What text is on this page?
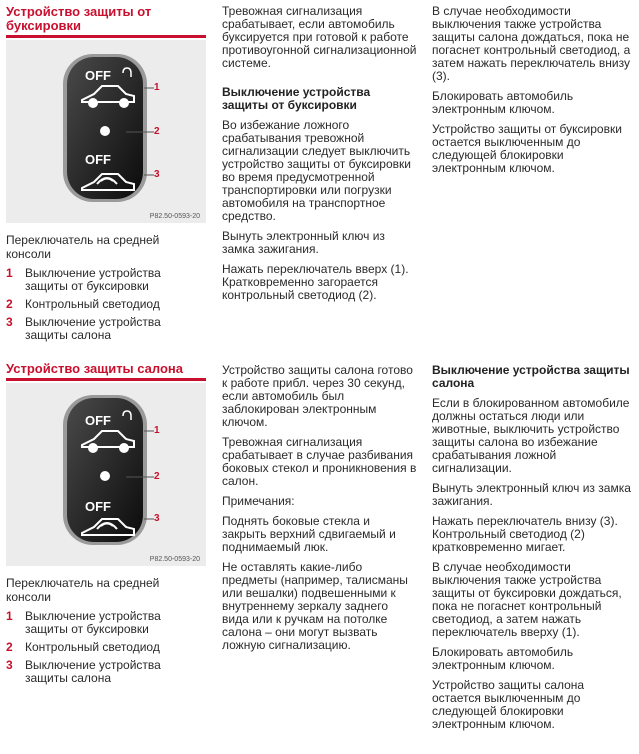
Устройство защиты от буксировки
OFF
OFF
1
2
3
P82.50-0593-20
Переключатель на средней консоли
1 Выключение устройства защиты от буксировки
2 Контрольный светодиод
3 Выключение устройства защиты салона

Тревожная сигнализация срабатывает, если автомобиль буксируется при готовой к работе противоугонной сигнализационной системе.

Выключение устройства защиты от буксировки

Во избежание ложного срабатывания тревожной сигнализации следует выключить устройство защиты от буксировки во время предусмотренной транспортировки или погрузки автомобиля на транспортное средство.

Вынуть электронный ключ из замка зажигания.

Нажать переключатель вверх (1). Кратковременно загорается контрольный светодиод (2).

В случае необходимости выключения также устройства защиты салона дождаться, пока не погаснет контрольный светодиод, а затем нажать переключатель внизу (3).

Блокировать автомобиль электронным ключом.

Устройство защиты от буксировки остается выключенным до следующей блокировки электронным ключом.

Устройство защиты салона
OFF
OFF
1
2
3
P82.50-0593-20
Переключатель на средней консоли
1 Выключение устройства защиты от буксировки
2 Контрольный светодиод
3 Выключение устройства защиты салона

Устройство защиты салона готово к работе прибл. через 30 секунд, если автомобиль был заблокирован электронным ключом.

Тревожная сигнализация срабатывает в случае разбивания боковых стекол и проникновения в салон.

Примечания:

Поднять боковые стекла и закрыть верхний сдвигаемый и поднимаемый люк.

Не оставлять какие-либо предметы (например, талисманы или вешалки) подвешенными к внутреннему зеркалу заднего вида или к ручкам на потолке салона – они могут вызвать ложную сигнализацию.

Выключение устройства защиты салона

Если в блокированном автомобиле должны остаться люди или животные, выключить устройство защиты салона во избежание срабатывания ложной сигнализации.

Вынуть электронный ключ из замка зажигания.

Нажать переключатель внизу (3). Контрольный светодиод (2) кратковременно мигает.

В случае необходимости выключения также устройства защиты от буксировки дождаться, пока не погаснет контрольный светодиод, а затем нажать переключатель вверху (1).

Блокировать автомобиль электронным ключом.

Устройство защиты салона остается выключенным до следующей блокировки электронным ключом.
